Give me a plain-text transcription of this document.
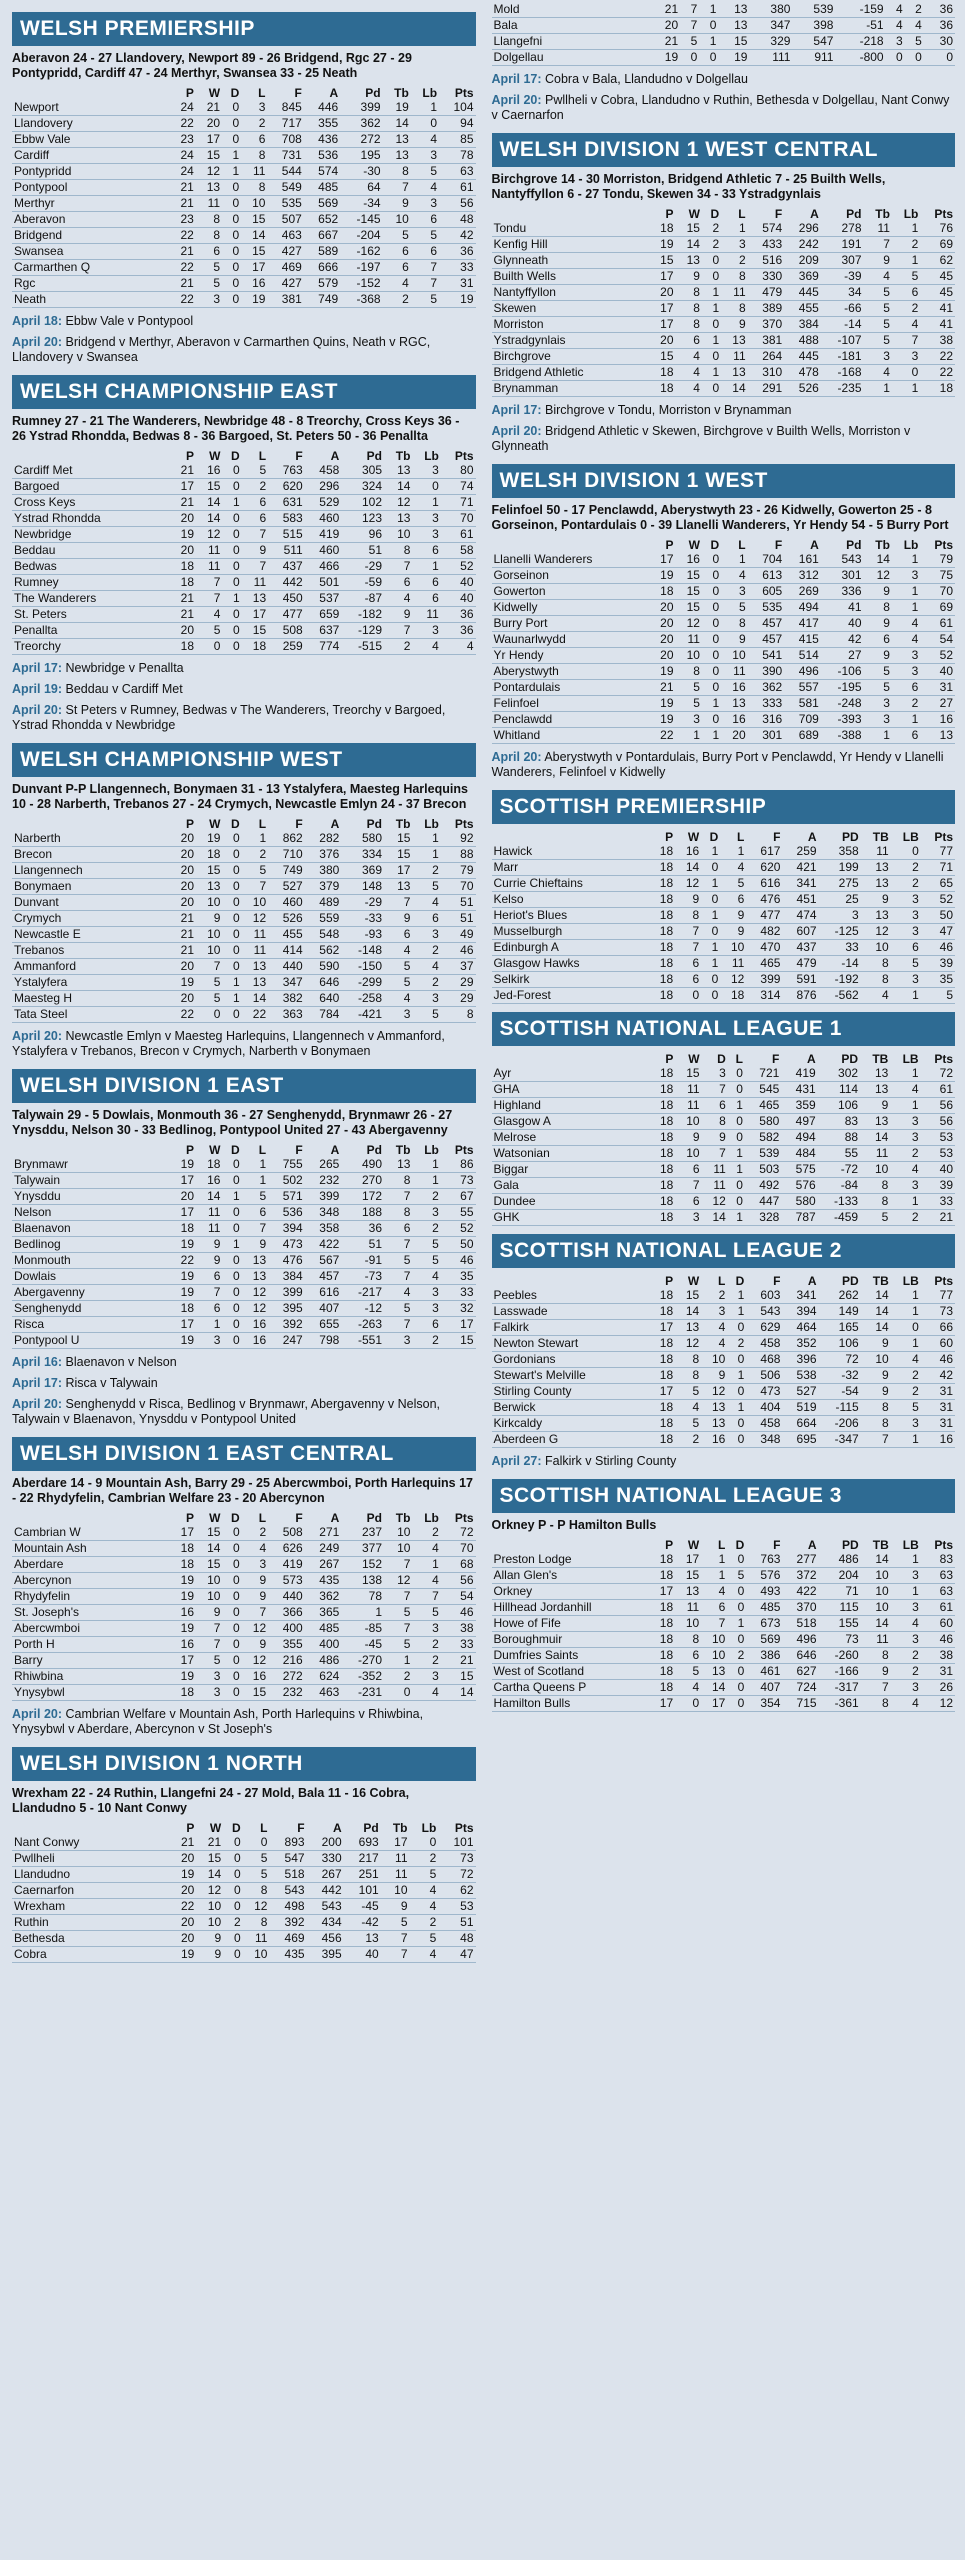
WELSH PREMIERSHIP
Aberavon 24 - 27 Llandovery, Newport 89 - 26 Bridgend, Rgc 27 - 29 Pontypridd, Cardiff 47 - 24 Merthyr, Swansea 33 - 25 Neath
	P	W	D	L	F	A	Pd	Tb	Lb	Pts
Newport	24	21	0	3	845	446	399	19	1	104
Llandovery	22	20	0	2	717	355	362	14	0	94
Ebbw Vale	23	17	0	6	708	436	272	13	4	85
Cardiff	24	15	1	8	731	536	195	13	3	78
Pontypridd	24	12	1	11	544	574	-30	8	5	63
Pontypool	21	13	0	8	549	485	64	7	4	61
Merthyr	21	11	0	10	535	569	-34	9	3	56
Aberavon	23	8	0	15	507	652	-145	10	6	48
Bridgend	22	8	0	14	463	667	-204	5	5	42
Swansea	21	6	0	15	427	589	-162	6	6	36
Carmarthen Q	22	5	0	17	469	666	-197	6	7	33
Rgc	21	5	0	16	427	579	-152	4	7	31
Neath	22	3	0	19	381	749	-368	2	5	19
April 18: Ebbw Vale v Pontypool
April 20: Bridgend v Merthyr, Aberavon v Carmarthen Quins, Neath v RGC, Llandovery v Swansea
WELSH CHAMPIONSHIP EAST
Rumney 27 - 21 The Wanderers, Newbridge 48 - 8 Treorchy, Cross Keys 36 - 26 Ystrad Rhondda, Bedwas 8 - 36 Bargoed, St. Peters 50 - 36 Penallta
	P	W	D	L	F	A	Pd	Tb	Lb	Pts
Cardiff Met	21	16	0	5	763	458	305	13	3	80
Bargoed	17	15	0	2	620	296	324	14	0	74
Cross Keys	21	14	1	6	631	529	102	12	1	71
Ystrad Rhondda	20	14	0	6	583	460	123	13	3	70
Newbridge	19	12	0	7	515	419	96	10	3	61
Beddau	20	11	0	9	511	460	51	8	6	58
Bedwas	18	11	0	7	437	466	-29	7	1	52
Rumney	18	7	0	11	442	501	-59	6	6	40
The Wanderers	21	7	1	13	450	537	-87	4	6	40
St. Peters	21	4	0	17	477	659	-182	9	11	36
Penallta	20	5	0	15	508	637	-129	7	3	36
Treorchy	18	0	0	18	259	774	-515	2	4	4
April 17: Newbridge v Penallta
April 19: Beddau v Cardiff Met
April 20: St Peters v Rumney, Bedwas v The Wanderers, Treorchy v Bargoed, Ystrad Rhondda v Newbridge
WELSH CHAMPIONSHIP WEST
Dunvant P-P Llangennech, Bonymaen 31 - 13 Ystalyfera, Maesteg Harlequins 10 - 28 Narberth, Trebanos 27 - 24 Crymych, Newcastle Emlyn 24 - 37 Brecon
	P	W	D	L	F	A	Pd	Tb	Lb	Pts
Narberth	20	19	0	1	862	282	580	15	1	92
Brecon	20	18	0	2	710	376	334	15	1	88
Llangennech	20	15	0	5	749	380	369	17	2	79
Bonymaen	20	13	0	7	527	379	148	13	5	70
Dunvant	20	10	0	10	460	489	-29	7	4	51
Crymych	21	9	0	12	526	559	-33	9	6	51
Newcastle E	21	10	0	11	455	548	-93	6	3	49
Trebanos	21	10	0	11	414	562	-148	4	2	46
Ammanford	20	7	0	13	440	590	-150	5	4	37
Ystalyfera	19	5	1	13	347	646	-299	5	2	29
Maesteg H	20	5	1	14	382	640	-258	4	3	29
Tata Steel	22	0	0	22	363	784	-421	3	5	8
April 20: Newcastle Emlyn v Maesteg Harlequins, Llangennech v Ammanford, Ystalyfera v Trebanos, Brecon v Crymych, Narberth v Bonymaen
WELSH DIVISION 1 EAST
Talywain 29 - 5 Dowlais, Monmouth 36 - 27 Senghenydd, Brynmawr 26 - 27 Ynysddu, Nelson 30 - 33 Bedlinog, Pontypool United 27 - 43 Abergavenny
	P	W	D	L	F	A	Pd	Tb	Lb	Pts
Brynmawr	19	18	0	1	755	265	490	13	1	86
Talywain	17	16	0	1	502	232	270	8	1	73
Ynysddu	20	14	1	5	571	399	172	7	2	67
Nelson	17	11	0	6	536	348	188	8	3	55
Blaenavon	18	11	0	7	394	358	36	6	2	52
Bedlinog	19	9	1	9	473	422	51	7	5	50
Monmouth	22	9	0	13	476	567	-91	5	5	46
Dowlais	19	6	0	13	384	457	-73	7	4	35
Abergavenny	19	7	0	12	399	616	-217	4	3	33
Senghenydd	18	6	0	12	395	407	-12	5	3	32
Risca	17	1	0	16	392	655	-263	7	6	17
Pontypool U	19	3	0	16	247	798	-551	3	2	15
April 16: Blaenavon v Nelson
April 17: Risca v Talywain
April 20: Senghenydd v Risca, Bedlinog v Brynmawr, Abergavenny v Nelson, Talywain v Blaenavon, Ynysddu v Pontypool United
WELSH DIVISION 1 EAST CENTRAL
Aberdare 14 - 9 Mountain Ash, Barry 29 - 25 Abercwmboi, Porth Harlequins 17 - 22 Rhydyfelin, Cambrian Welfare 23 - 20 Abercynon
	P	W	D	L	F	A	Pd	Tb	Lb	Pts
Cambrian W	17	15	0	2	508	271	237	10	2	72
Mountain Ash	18	14	0	4	626	249	377	10	4	70
Aberdare	18	15	0	3	419	267	152	7	1	68
Abercynon	19	10	0	9	573	435	138	12	4	56
Rhydyfelin	19	10	0	9	440	362	78	7	7	54
St. Joseph's	16	9	0	7	366	365	1	5	5	46
Abercwmboi	19	7	0	12	400	485	-85	7	3	38
Porth H	16	7	0	9	355	400	-45	5	2	33
Barry	17	5	0	12	216	486	-270	1	2	21
Rhiwbina	19	3	0	16	272	624	-352	2	3	15
Ynysybwl	18	3	0	15	232	463	-231	0	4	14
April 20: Cambrian Welfare v Mountain Ash, Porth Harlequins v Rhiwbina, Ynysybwl v Aberdare, Abercynon v St Joseph's
WELSH DIVISION 1 NORTH
Wrexham 22 - 24 Ruthin, Llangefni 24 - 27 Mold, Bala 11 - 16 Cobra, Llandudno 5 - 10 Nant Conwy
	P	W	D	L	F	A	Pd	Tb	Lb	Pts
Nant Conwy	21	21	0	0	893	200	693	17	0	101
Pwllheli	20	15	0	5	547	330	217	11	2	73
Llandudno	19	14	0	5	518	267	251	11	5	72
Caernarfon	20	12	0	8	543	442	101	10	4	62
Wrexham	22	10	0	12	498	543	-45	9	4	53
Ruthin	20	10	2	8	392	434	-42	5	2	51
Bethesda	20	9	0	11	469	456	13	7	5	48
Cobra	19	9	0	10	435	395	40	7	4	47
Mold	21	7	1	13	380	539	-159	4	2	36
Bala	20	7	0	13	347	398	-51	4	4	36
Llangefni	21	5	1	15	329	547	-218	3	5	30
Dolgellau	19	0	0	19	111	911	-800	0	0	0
April 17: Cobra v Bala, Llandudno v Dolgellau
April 20: Pwllheli v Cobra, Llandudno v Ruthin, Bethesda v Dolgellau, Nant Conwy v Caernarfon
WELSH DIVISION 1 WEST CENTRAL
Birchgrove 14 - 30 Morriston, Bridgend Athletic 7 - 25 Builth Wells, Nantyffyllon 6 - 27 Tondu, Skewen 34 - 33 Ystradgynlais
	P	W	D	L	F	A	Pd	Tb	Lb	Pts
Tondu	18	15	2	1	574	296	278	11	1	76
Kenfig Hill	19	14	2	3	433	242	191	7	2	69
Glynneath	15	13	0	2	516	209	307	9	1	62
Builth Wells	17	9	0	8	330	369	-39	4	5	45
Nantyffyllon	20	8	1	11	479	445	34	5	6	45
Skewen	17	8	1	8	389	455	-66	5	2	41
Morriston	17	8	0	9	370	384	-14	5	4	41
Ystradgynlais	20	6	1	13	381	488	-107	5	7	38
Birchgrove	15	4	0	11	264	445	-181	3	3	22
Bridgend Athletic	18	4	1	13	310	478	-168	4	0	22
Brynamman	18	4	0	14	291	526	-235	1	1	18
April 17: Birchgrove v Tondu, Morriston v Brynamman
April 20: Bridgend Athletic v Skewen, Birchgrove v Builth Wells, Morriston v Glynneath
WELSH DIVISION 1 WEST
Felinfoel 50 - 17 Penclawdd, Aberystwyth 23 - 26 Kidwelly, Gowerton 25 - 8 Gorseinon, Pontardulais 0 - 39 Llanelli Wanderers, Yr Hendy 54 - 5 Burry Port
	P	W	D	L	F	A	Pd	Tb	Lb	Pts
Llanelli Wanderers	17	16	0	1	704	161	543	14	1	79
Gorseinon	19	15	0	4	613	312	301	12	3	75
Gowerton	18	15	0	3	605	269	336	9	1	70
Kidwelly	20	15	0	5	535	494	41	8	1	69
Burry Port	20	12	0	8	457	417	40	9	4	61
Waunarlwydd	20	11	0	9	457	415	42	6	4	54
Yr Hendy	20	10	0	10	541	514	27	9	3	52
Aberystwyth	19	8	0	11	390	496	-106	5	3	40
Pontardulais	21	5	0	16	362	557	-195	5	6	31
Felinfoel	19	5	1	13	333	581	-248	3	2	27
Penclawdd	19	3	0	16	316	709	-393	3	1	16
Whitland	22	1	1	20	301	689	-388	1	6	13
April 20: Aberystwyth v Pontardulais, Burry Port v Penclawdd, Yr Hendy v Llanelli Wanderers, Felinfoel v Kidwelly
SCOTTISH PREMIERSHIP
	P	W	D	L	F	A	PD	TB	LB	Pts
Hawick	18	16	1	1	617	259	358	11	0	77
Marr	18	14	0	4	620	421	199	13	2	71
Currie Chieftains	18	12	1	5	616	341	275	13	2	65
Kelso	18	9	0	6	476	451	25	9	3	52
Heriot's Blues	18	8	1	9	477	474	3	13	3	50
Musselburgh	18	7	0	9	482	607	-125	12	3	47
Edinburgh A	18	7	1	10	470	437	33	10	6	46
Glasgow Hawks	18	6	1	11	465	479	-14	8	5	39
Selkirk	18	6	0	12	399	591	-192	8	3	35
Jed-Forest	18	0	0	18	314	876	-562	4	1	5
SCOTTISH NATIONAL LEAGUE 1
	P	W	D	L	F	A	PD	TB	LB	Pts
Ayr	18	15	3	0	721	419	302	13	1	72
GHA	18	11	7	0	545	431	114	13	4	61
Highland	18	11	6	1	465	359	106	9	1	56
Glasgow A	18	10	8	0	580	497	83	13	3	56
Melrose	18	9	9	0	582	494	88	14	3	53
Watsonian	18	10	7	1	539	484	55	11	2	53
Biggar	18	6	11	1	503	575	-72	10	4	40
Gala	18	7	11	0	492	576	-84	8	3	39
Dundee	18	6	12	0	447	580	-133	8	1	33
GHK	18	3	14	1	328	787	-459	5	2	21
SCOTTISH NATIONAL LEAGUE 2
	P	W	L	D	F	A	PD	TB	LB	Pts
Peebles	18	15	2	1	603	341	262	14	1	77
Lasswade	18	14	3	1	543	394	149	14	1	73
Falkirk	17	13	4	0	629	464	165	14	0	66
Newton Stewart	18	12	4	2	458	352	106	9	1	60
Gordonians	18	8	10	0	468	396	72	10	4	46
Stewart's Melville	18	8	9	1	506	538	-32	9	2	42
Stirling County	17	5	12	0	473	527	-54	9	2	31
Berwick	18	4	13	1	404	519	-115	8	5	31
Kirkcaldy	18	5	13	0	458	664	-206	8	3	31
Aberdeen G	18	2	16	0	348	695	-347	7	1	16
April 27: Falkirk v Stirling County
SCOTTISH NATIONAL LEAGUE 3
Orkney P - P Hamilton Bulls
	P	W	L	D	F	A	PD	TB	LB	Pts
Preston Lodge	18	17	1	0	763	277	486	14	1	83
Allan Glen's	18	15	1	5	576	372	204	10	3	63
Orkney	17	13	4	0	493	422	71	10	1	63
Hillhead Jordanhill	18	11	6	0	485	370	115	10	3	61
Howe of Fife	18	10	7	1	673	518	155	14	4	60
Boroughmuir	18	8	10	0	569	496	73	11	3	46
Dumfries Saints	18	6	10	2	386	646	-260	8	2	38
West of Scotland	18	5	13	0	461	627	-166	9	2	31
Cartha Queens P	18	4	14	0	407	724	-317	7	3	26
Hamilton Bulls	17	0	17	0	354	715	-361	8	4	12
